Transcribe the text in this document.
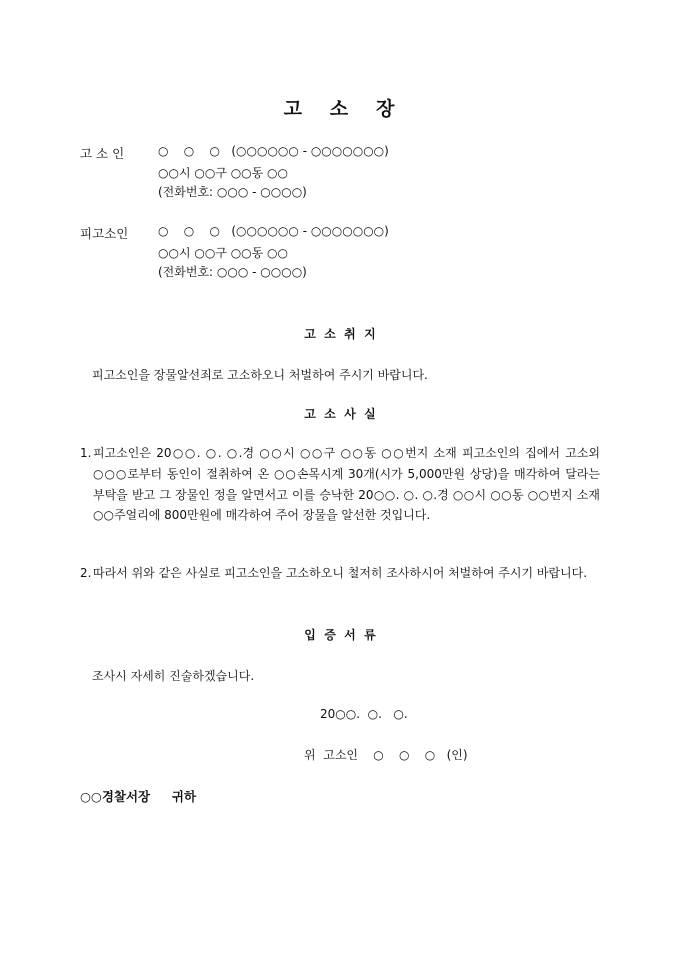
고   소   장
고 소 인	○    ○    ○   (○○○○○○ - ○○○○○○○)
○○시 ○○구 ○○동 ○○
(전화번호: ○○○ - ○○○○)
피고소인 ○    ○    ○   (○○○○○○ - ○○○○○○○)
○○시 ○○구 ○○동 ○○
(전화번호: ○○○ - ○○○○)
고  소  취  지
피고소인을 장물알선죄로 고소하오니 처벌하여 주시기 바랍니다.
고  소  사  실
1. 피고소인은 20○○. ○. ○.경 ○○시 ○○구 ○○동 ○○번지 소재 피고소인의 집에서 고소외 ○○○로부터 동인이 절취하여 온 ○○손목시계 30개(시가 5,000만원 상당)을 매각하여 달라는 부탁을 받고 그 장물인 정을 알면서고 이를 승낙한 20○○. ○. ○.경 ○○시 ○○동 ○○번지 소재 ○○주얼리에 800만원에 매각하여 주어 장물을 알선한 것입니다.
2. 따라서 위와 같은 사실로 피고소인을 고소하오니 철저히 조사하시어 처벌하여 주시기 바랍니다.
입  증  서  류
조사시 자세히 진술하겠습니다.
20○○.  ○.   ○.
위  고소인    ○    ○    ○   (인)
○○경찰서장     귀하
